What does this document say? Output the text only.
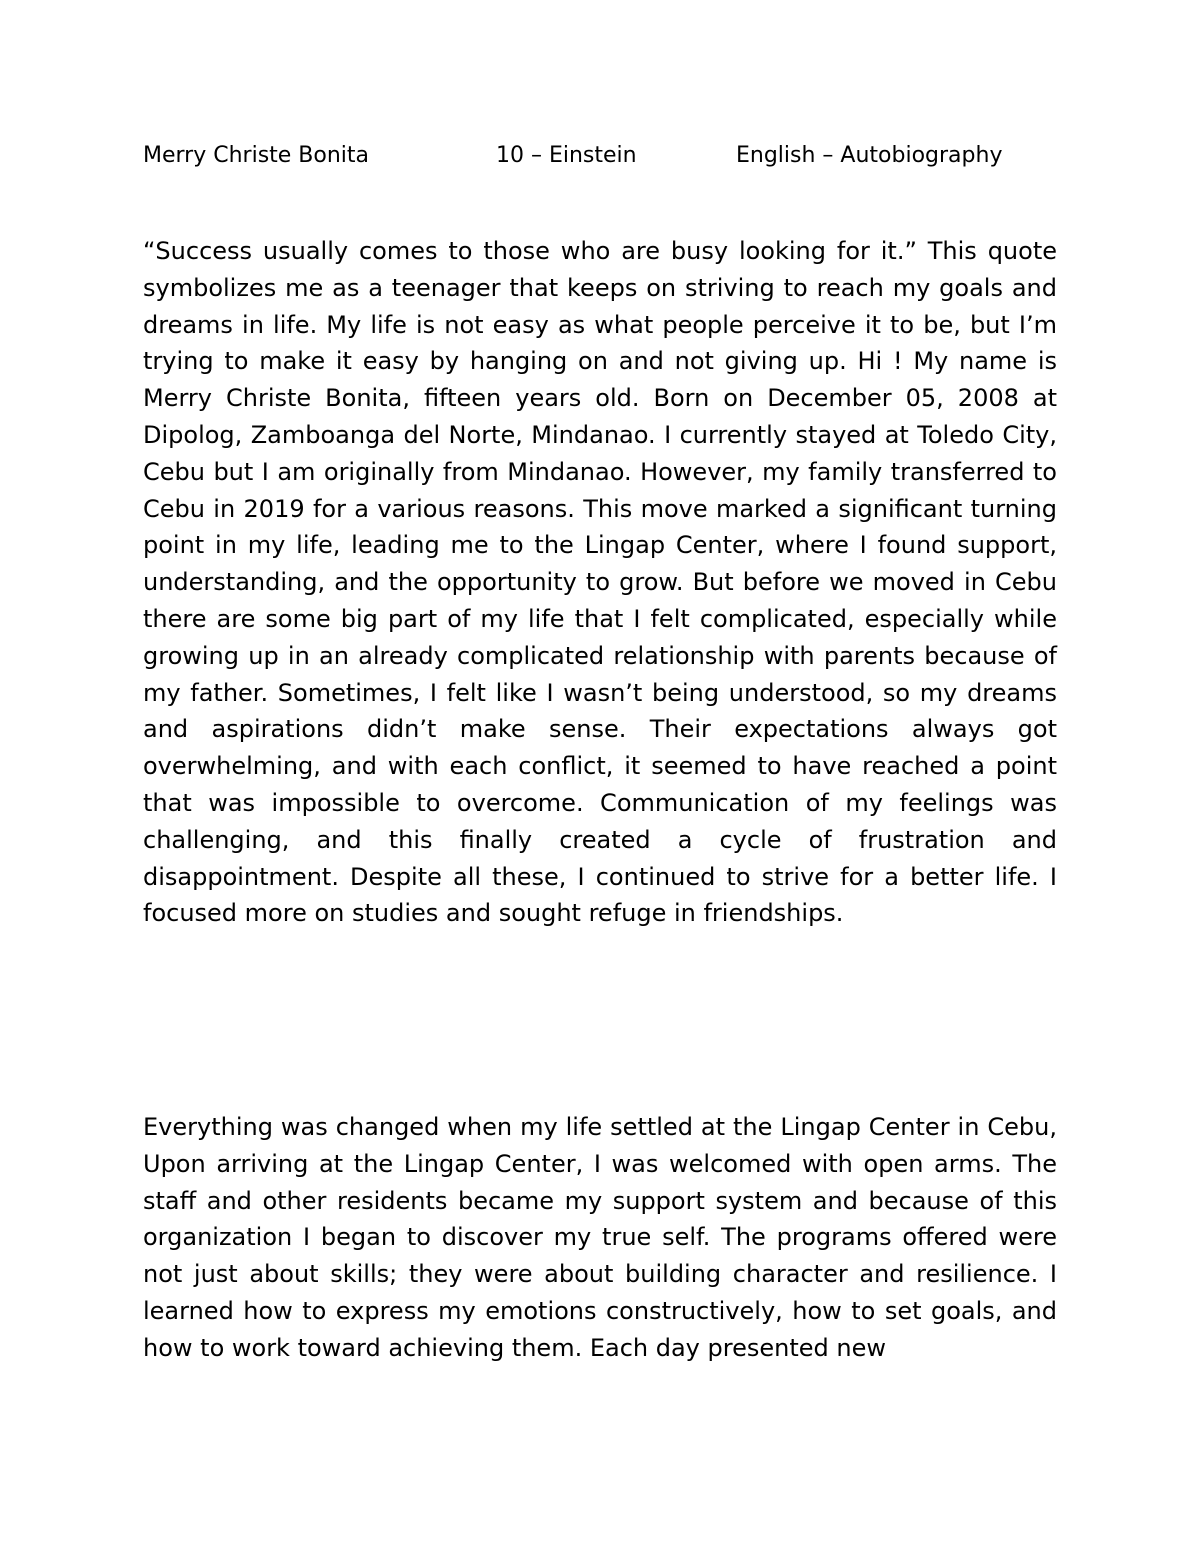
Merry Christe Bonita	10 – Einstein	English – Autobiography

“Success usually comes to those who are busy looking for it.” This quote symbolizes me as a teenager that keeps on striving to reach my goals and dreams in life. My life is not easy as what people perceive it to be, but I’m trying to make it easy by hanging on and not giving up. Hi ! My name is Merry Christe Bonita, fifteen years old. Born on December 05, 2008 at Dipolog, Zamboanga del Norte, Mindanao. I currently stayed at Toledo City, Cebu but I am originally from Mindanao. However, my family transferred to Cebu in 2019 for a various reasons. This move marked a significant turning point in my life, leading me to the Lingap Center, where I found support, understanding, and the opportunity to grow. But before we moved in Cebu there are some big part of my life that I felt complicated, especially while growing up in an already complicated relationship with parents because of my father. Sometimes, I felt like I wasn’t being understood, so my dreams and aspirations didn’t make sense. Their expectations always got overwhelming, and with each conflict, it seemed to have reached a point that was impossible to overcome. Communication of my feelings was challenging, and this finally created a cycle of frustration and disappointment. Despite all these, I continued to strive for a better life. I focused more on studies and sought refuge in friendships.

Everything was changed when my life settled at the Lingap Center in Cebu, Upon arriving at the Lingap Center, I was welcomed with open arms. The staff and other residents became my support system and because of this organization I began to discover my true self. The programs offered were not just about skills; they were about building character and resilience. I learned how to express my emotions constructively, how to set goals, and how to work toward achieving them. Each day presented new
